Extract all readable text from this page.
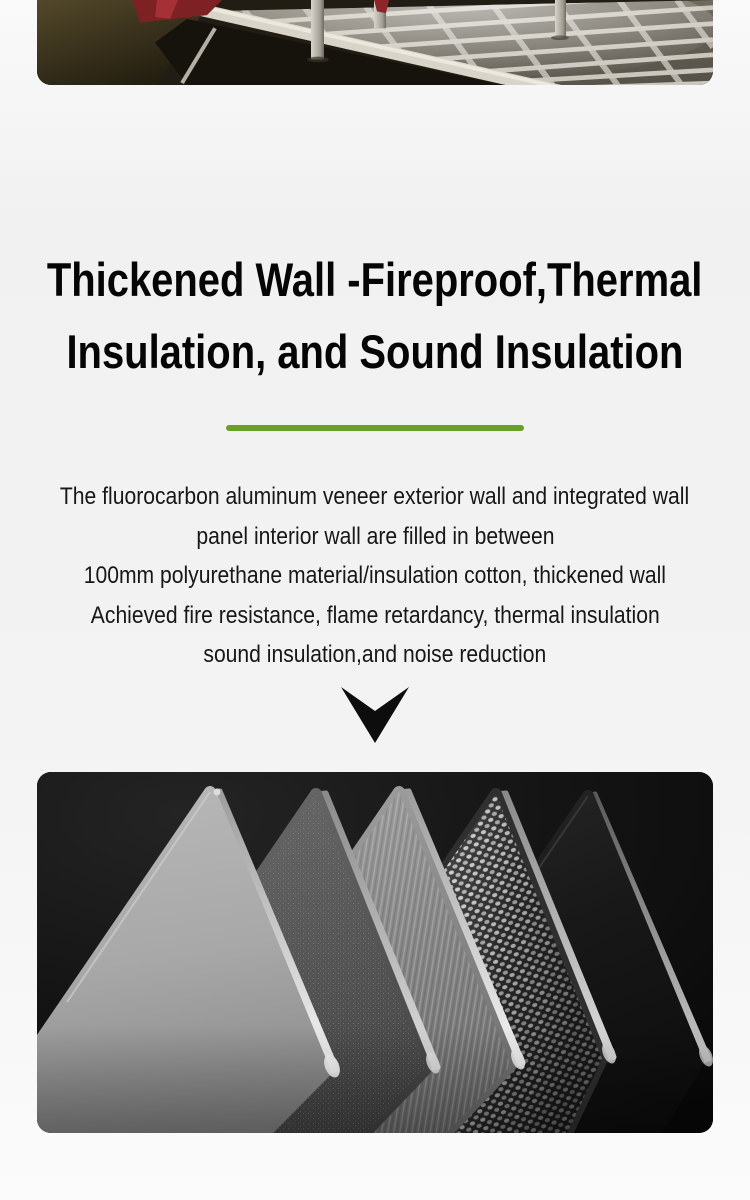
Thickened Wall -Fireproof,Thermal
Insulation, and Sound Insulation
The fluorocarbon aluminum veneer exterior wall and integrated wall
panel interior wall are filled in between
100mm polyurethane material/insulation cotton, thickened wall
Achieved fire resistance, flame retardancy, thermal insulation
sound insulation,and noise reduction
